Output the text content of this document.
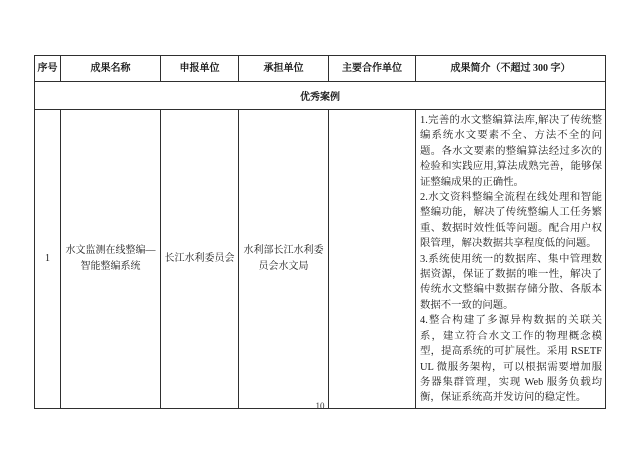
序号	成果名称	申报单位	承担单位	主要合作单位	成果简介（不超过 300 字）
优秀案例					
1	水文监测在线整编—智能整编系统	长江水利委员会	水利部长江水利委员会水文局		1.完善的水文整编算法库,解决了传统整编系统水文要素不全、方法不全的问题。各水文要素的整编算法经过多次的检验和实践应用,算法成熟完善，能够保证整编成果的正确性。
2.水文资料整编全流程在线处理和智能整编功能，解决了传统整编人工任务繁重、数据时效性低等问题。配合用户权限管理，解决数据共享程度低的问题。
3.系统使用统一的数据库、集中管理数据资源，保证了数据的唯一性，解决了传统水文整编中数据存储分散、各版本数据不一致的问题。
4.整合构建了多源异构数据的关联关系，建立符合水文工作的物理概念模型，提高系统的可扩展性。采用 RSETFUL 微服务架构，可以根据需要增加服务器集群管理，实现 Web 服务负载均衡，保证系统高并发访问的稳定性。
10
